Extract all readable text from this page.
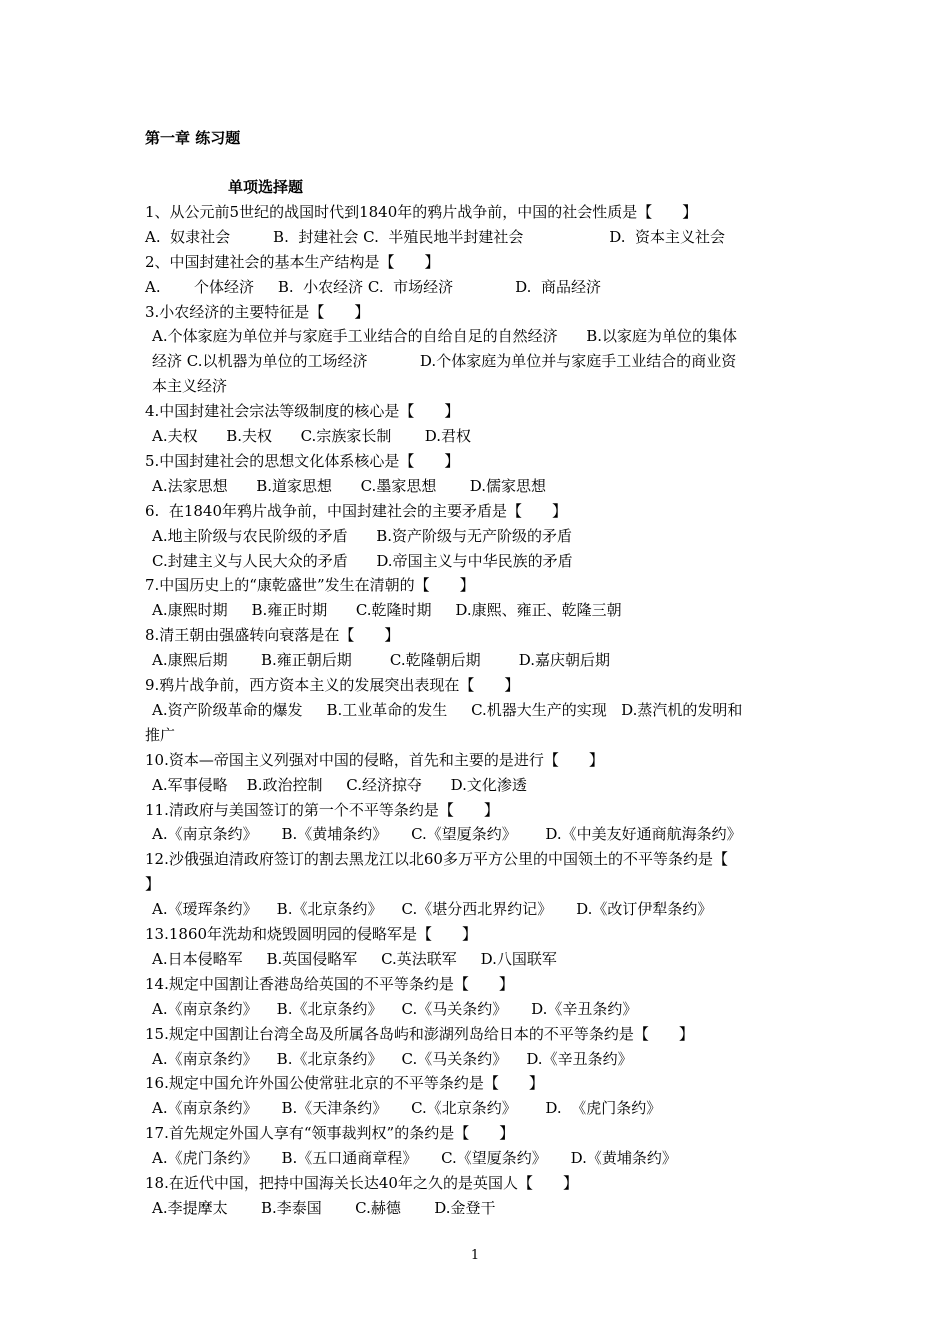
第一章 练习题
单项选择题
1、从公元前5世纪的战国时代到1840年的鸦片战争前，中国的社会性质是【　　】
A.  奴隶社会         B.  封建社会 C.  半殖民地半封建社会                  D.  资本主义社会
2、中国封建社会的基本生产结构是【　　】
A.       个体经济     B.  小农经济 C.  市场经济             D.  商品经济
3.小农经济的主要特征是【　　】
A.个体家庭为单位并与家庭手工业结合的自给自足的自然经济      B.以家庭为单位的集体
经济 C.以机器为单位的工场经济           D.个体家庭为单位并与家庭手工业结合的商业资
本主义经济
4.中国封建社会宗法等级制度的核心是【　　】
A.夫权      B.夫权      C.宗族家长制       D.君权
5.中国封建社会的思想文化体系核心是【　　】
A.法家思想      B.道家思想      C.墨家思想       D.儒家思想
6.  在1840年鸦片战争前，中国封建社会的主要矛盾是【　　】
A.地主阶级与农民阶级的矛盾      B.资产阶级与无产阶级的矛盾
C.封建主义与人民大众的矛盾      D.帝国主义与中华民族的矛盾
7.中国历史上的“康乾盛世”发生在清朝的【　　】
A.康熙时期     B.雍正时期      C.乾隆时期     D.康熙、雍正、乾隆三朝
8.清王朝由强盛转向衰落是在【　　】
A.康熙后期       B.雍正朝后期        C.乾隆朝后期        D.嘉庆朝后期
9.鸦片战争前，西方资本主义的发展突出表现在【　　】
A.资产阶级革命的爆发     B.工业革命的发生     C.机器大生产的实现   D.蒸汽机的发明和
推广
10.资本—帝国主义列强对中国的侵略，首先和主要的是进行【　　】
A.军事侵略    B.政治控制     C.经济掠夺      D.文化渗透
11.清政府与美国签订的第一个不平等条约是【　　】
A.《南京条约》     B.《黄埔条约》     C.《望厦条约》      D.《中美友好通商航海条约》
12.沙俄强迫清政府签订的割去黑龙江以北60多万平方公里的中国领土的不平等条约是【
】
A.《瑷珲条约》    B.《北京条约》    C.《堪分西北界约记》     D.《改订伊犁条约》
13.1860年洗劫和烧毁圆明园的侵略军是【　　】
A.日本侵略军     B.英国侵略军     C.英法联军     D.八国联军
14.规定中国割让香港岛给英国的不平等条约是【　　】
A.《南京条约》    B.《北京条约》    C.《马关条约》     D.《辛丑条约》
15.规定中国割让台湾全岛及所属各岛屿和澎湖列岛给日本的不平等条约是【　　】
A.《南京条约》    B.《北京条约》    C.《马关条约》    D.《辛丑条约》
16.规定中国允许外国公使常驻北京的不平等条约是【　　】
A.《南京条约》     B.《天津条约》     C.《北京条约》      D.  《虎门条约》
17.首先规定外国人享有“领事裁判权”的条约是【　　】
A.《虎门条约》     B.《五口通商章程》     C.《望厦条约》     D.《黄埔条约》
18.在近代中国，把持中国海关长达40年之久的是英国人【　　】
A.李提摩太       B.李泰国       C.赫德       D.金登干
1
